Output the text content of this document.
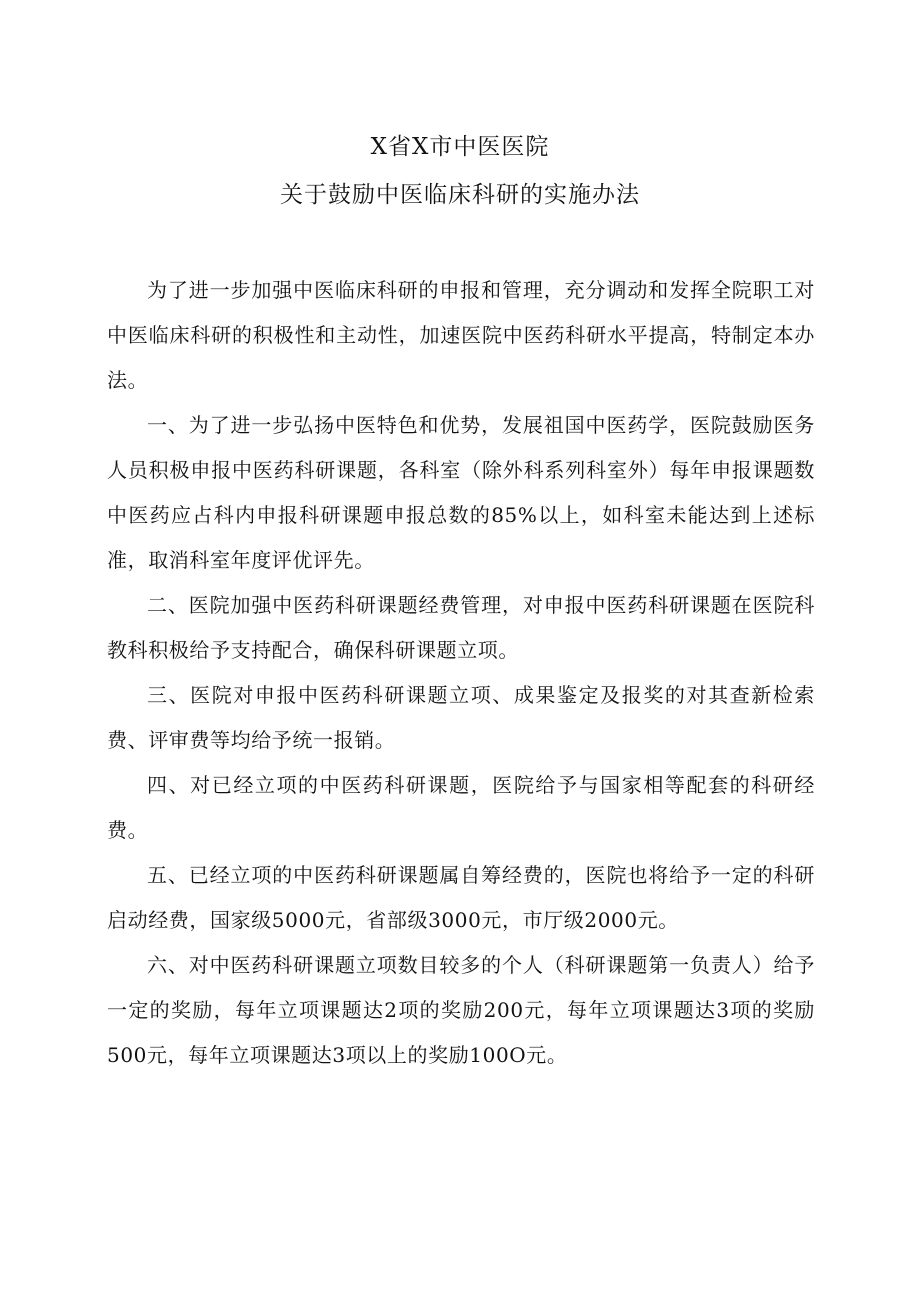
X省X市中医医院
关于鼓励中医临床科研的实施办法

为了进一步加强中医临床科研的申报和管理，充分调动和发挥全院职工对中医临床科研的积极性和主动性，加速医院中医药科研水平提高，特制定本办法。

一、为了进一步弘扬中医特色和优势，发展祖国中医药学，医院鼓励医务人员积极申报中医药科研课题，各科室（除外科系列科室外）每年申报课题数中医药应占科内申报科研课题申报总数的85%以上，如科室未能达到上述标准，取消科室年度评优评先。

二、医院加强中医药科研课题经费管理，对申报中医药科研课题在医院科教科积极给予支持配合，确保科研课题立项。

三、医院对申报中医药科研课题立项、成果鉴定及报奖的对其查新检索费、评审费等均给予统一报销。

四、对已经立项的中医药科研课题，医院给予与国家相等配套的科研经费。

五、已经立项的中医药科研课题属自筹经费的，医院也将给予一定的科研启动经费，国家级5000元，省部级3000元，市厅级2000元。

六、对中医药科研课题立项数目较多的个人（科研课题第一负责人）给予一定的奖励，每年立项课题达2项的奖励200元，每年立项课题达3项的奖励500元，每年立项课题达3项以上的奖励100O元。
